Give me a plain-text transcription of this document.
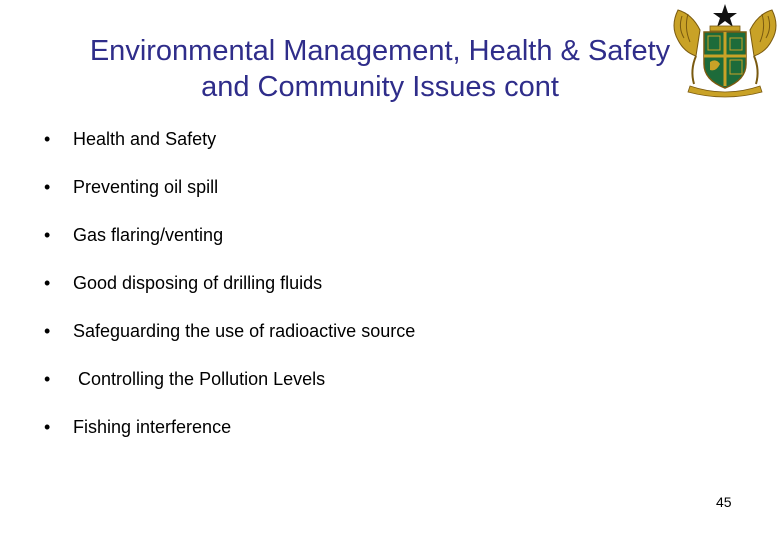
Environmental Management, Health & Safety
and Community Issues cont
• Health and Safety
• Preventing oil spill
• Gas flaring/venting
• Good disposing of drilling fluids
• Safeguarding the use of radioactive source
• Controlling the Pollution Levels
• Fishing interference
45
